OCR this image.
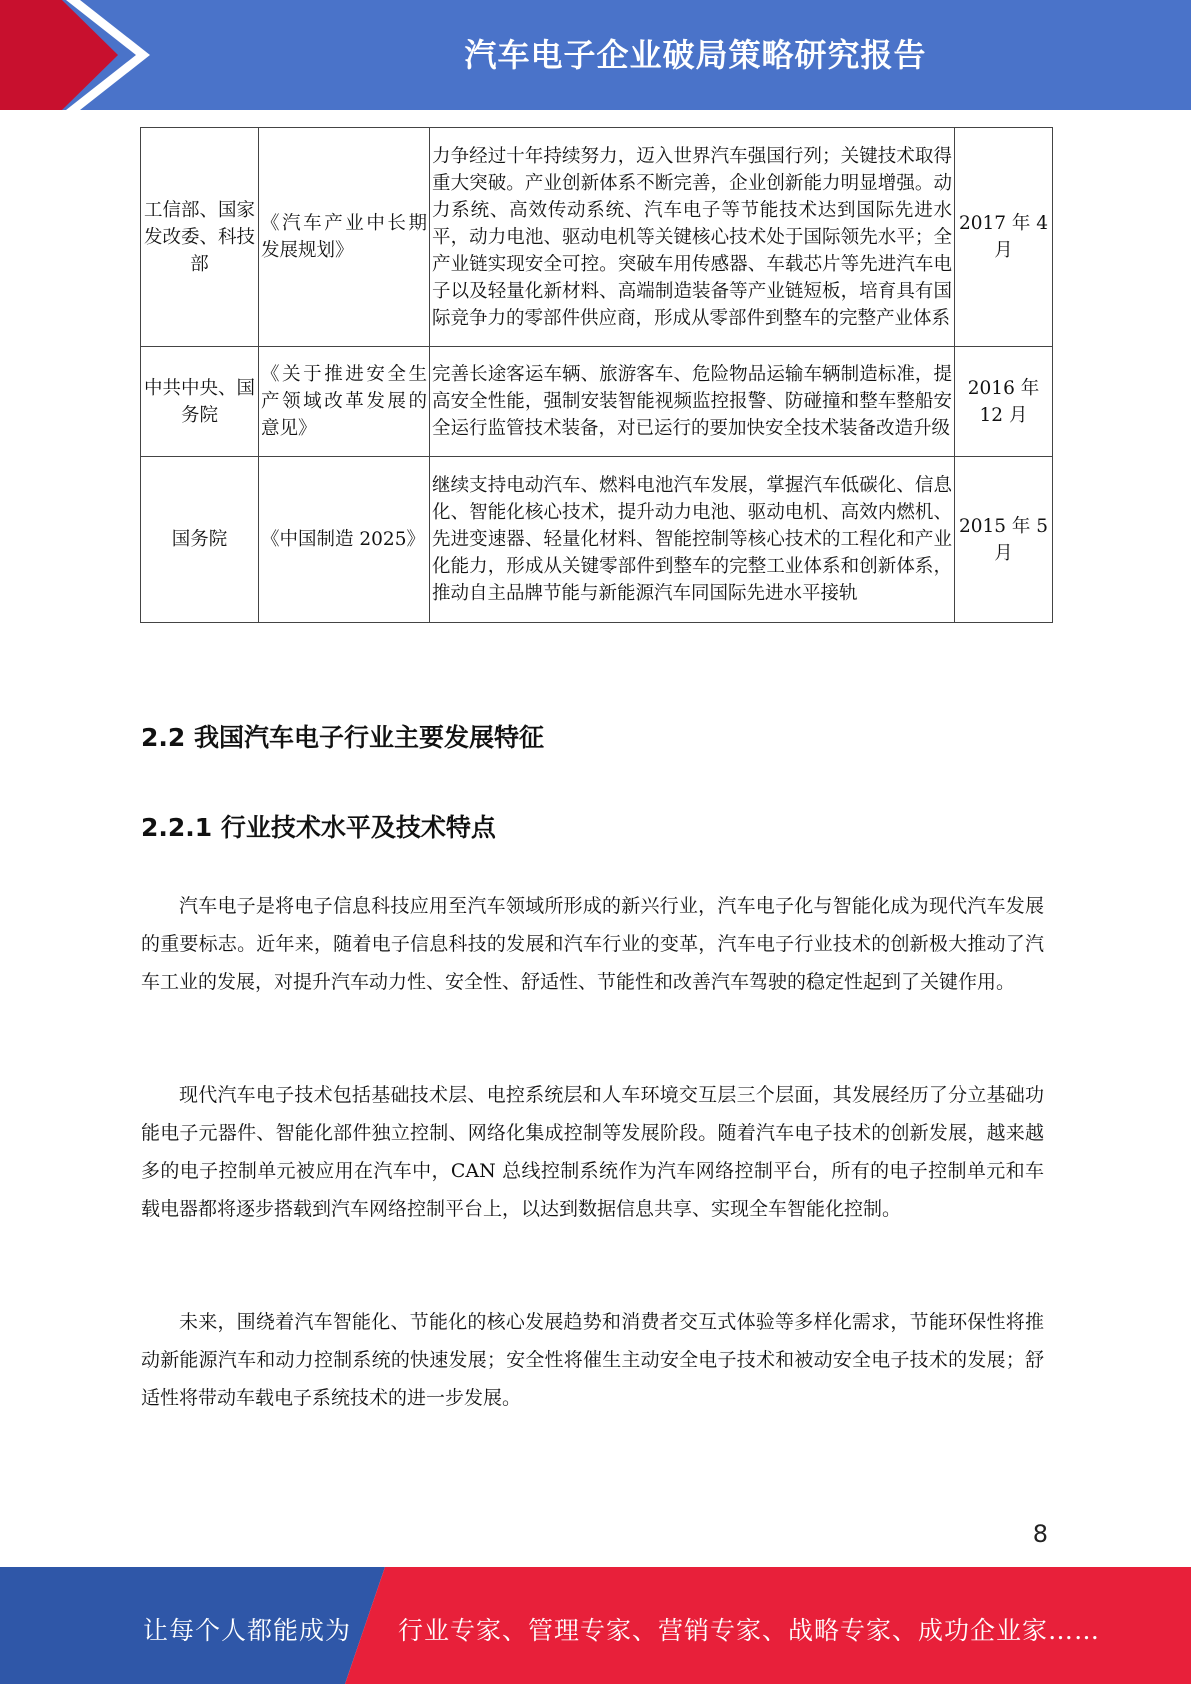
汽车电子企业破局策略研究报告
工信部、国家发改委、科技部	《汽车产业中长期发展规划》	力争经过十年持续努力，迈入世界汽车强国行列；关键技术取得重大突破。产业创新体系不断完善，企业创新能力明显增强。动力系统、高效传动系统、汽车电子等节能技术达到国际先进水平，动力电池、驱动电机等关键核心技术处于国际领先水平；全产业链实现安全可控。突破车用传感器、车载芯片等先进汽车电子以及轻量化新材料、高端制造装备等产业链短板，培育具有国际竞争力的零部件供应商，形成从零部件到整车的完整产业体系	2017 年 4 月
中共中央、国务院	《关于推进安全生产领域改革发展的意见》	完善长途客运车辆、旅游客车、危险物品运输车辆制造标准，提高安全性能，强制安装智能视频监控报警、防碰撞和整车整船安全运行监管技术装备，对已运行的要加快安全技术装备改造升级	2016 年 12 月
国务院	《中国制造 2025》	继续支持电动汽车、燃料电池汽车发展，掌握汽车低碳化、信息化、智能化核心技术，提升动力电池、驱动电机、高效内燃机、先进变速器、轻量化材料、智能控制等核心技术的工程化和产业化能力，形成从关键零部件到整车的完整工业体系和创新体系，推动自主品牌节能与新能源汽车同国际先进水平接轨	2015 年 5 月
2.2 我国汽车电子行业主要发展特征
2.2.1 行业技术水平及技术特点

汽车电子是将电子信息科技应用至汽车领域所形成的新兴行业，汽车电子化与智能化成为现代汽车发展的重要标志。近年来，随着电子信息科技的发展和汽车行业的变革，汽车电子行业技术的创新极大推动了汽车工业的发展，对提升汽车动力性、安全性、舒适性、节能性和改善汽车驾驶的稳定性起到了关键作用。

现代汽车电子技术包括基础技术层、电控系统层和人车环境交互层三个层面，其发展经历了分立基础功能电子元器件、智能化部件独立控制、网络化集成控制等发展阶段。随着汽车电子技术的创新发展，越来越多的电子控制单元被应用在汽车中，CAN 总线控制系统作为汽车网络控制平台，所有的电子控制单元和车载电器都将逐步搭载到汽车网络控制平台上，以达到数据信息共享、实现全车智能化控制。

未来，围绕着汽车智能化、节能化的核心发展趋势和消费者交互式体验等多样化需求，节能环保性将推动新能源汽车和动力控制系统的快速发展；安全性将催生主动安全电子技术和被动安全电子技术的发展；舒适性将带动车载电子系统技术的进一步发展。

8
让每个人都能成为 行业专家、管理专家、营销专家、战略专家、成功企业家……
